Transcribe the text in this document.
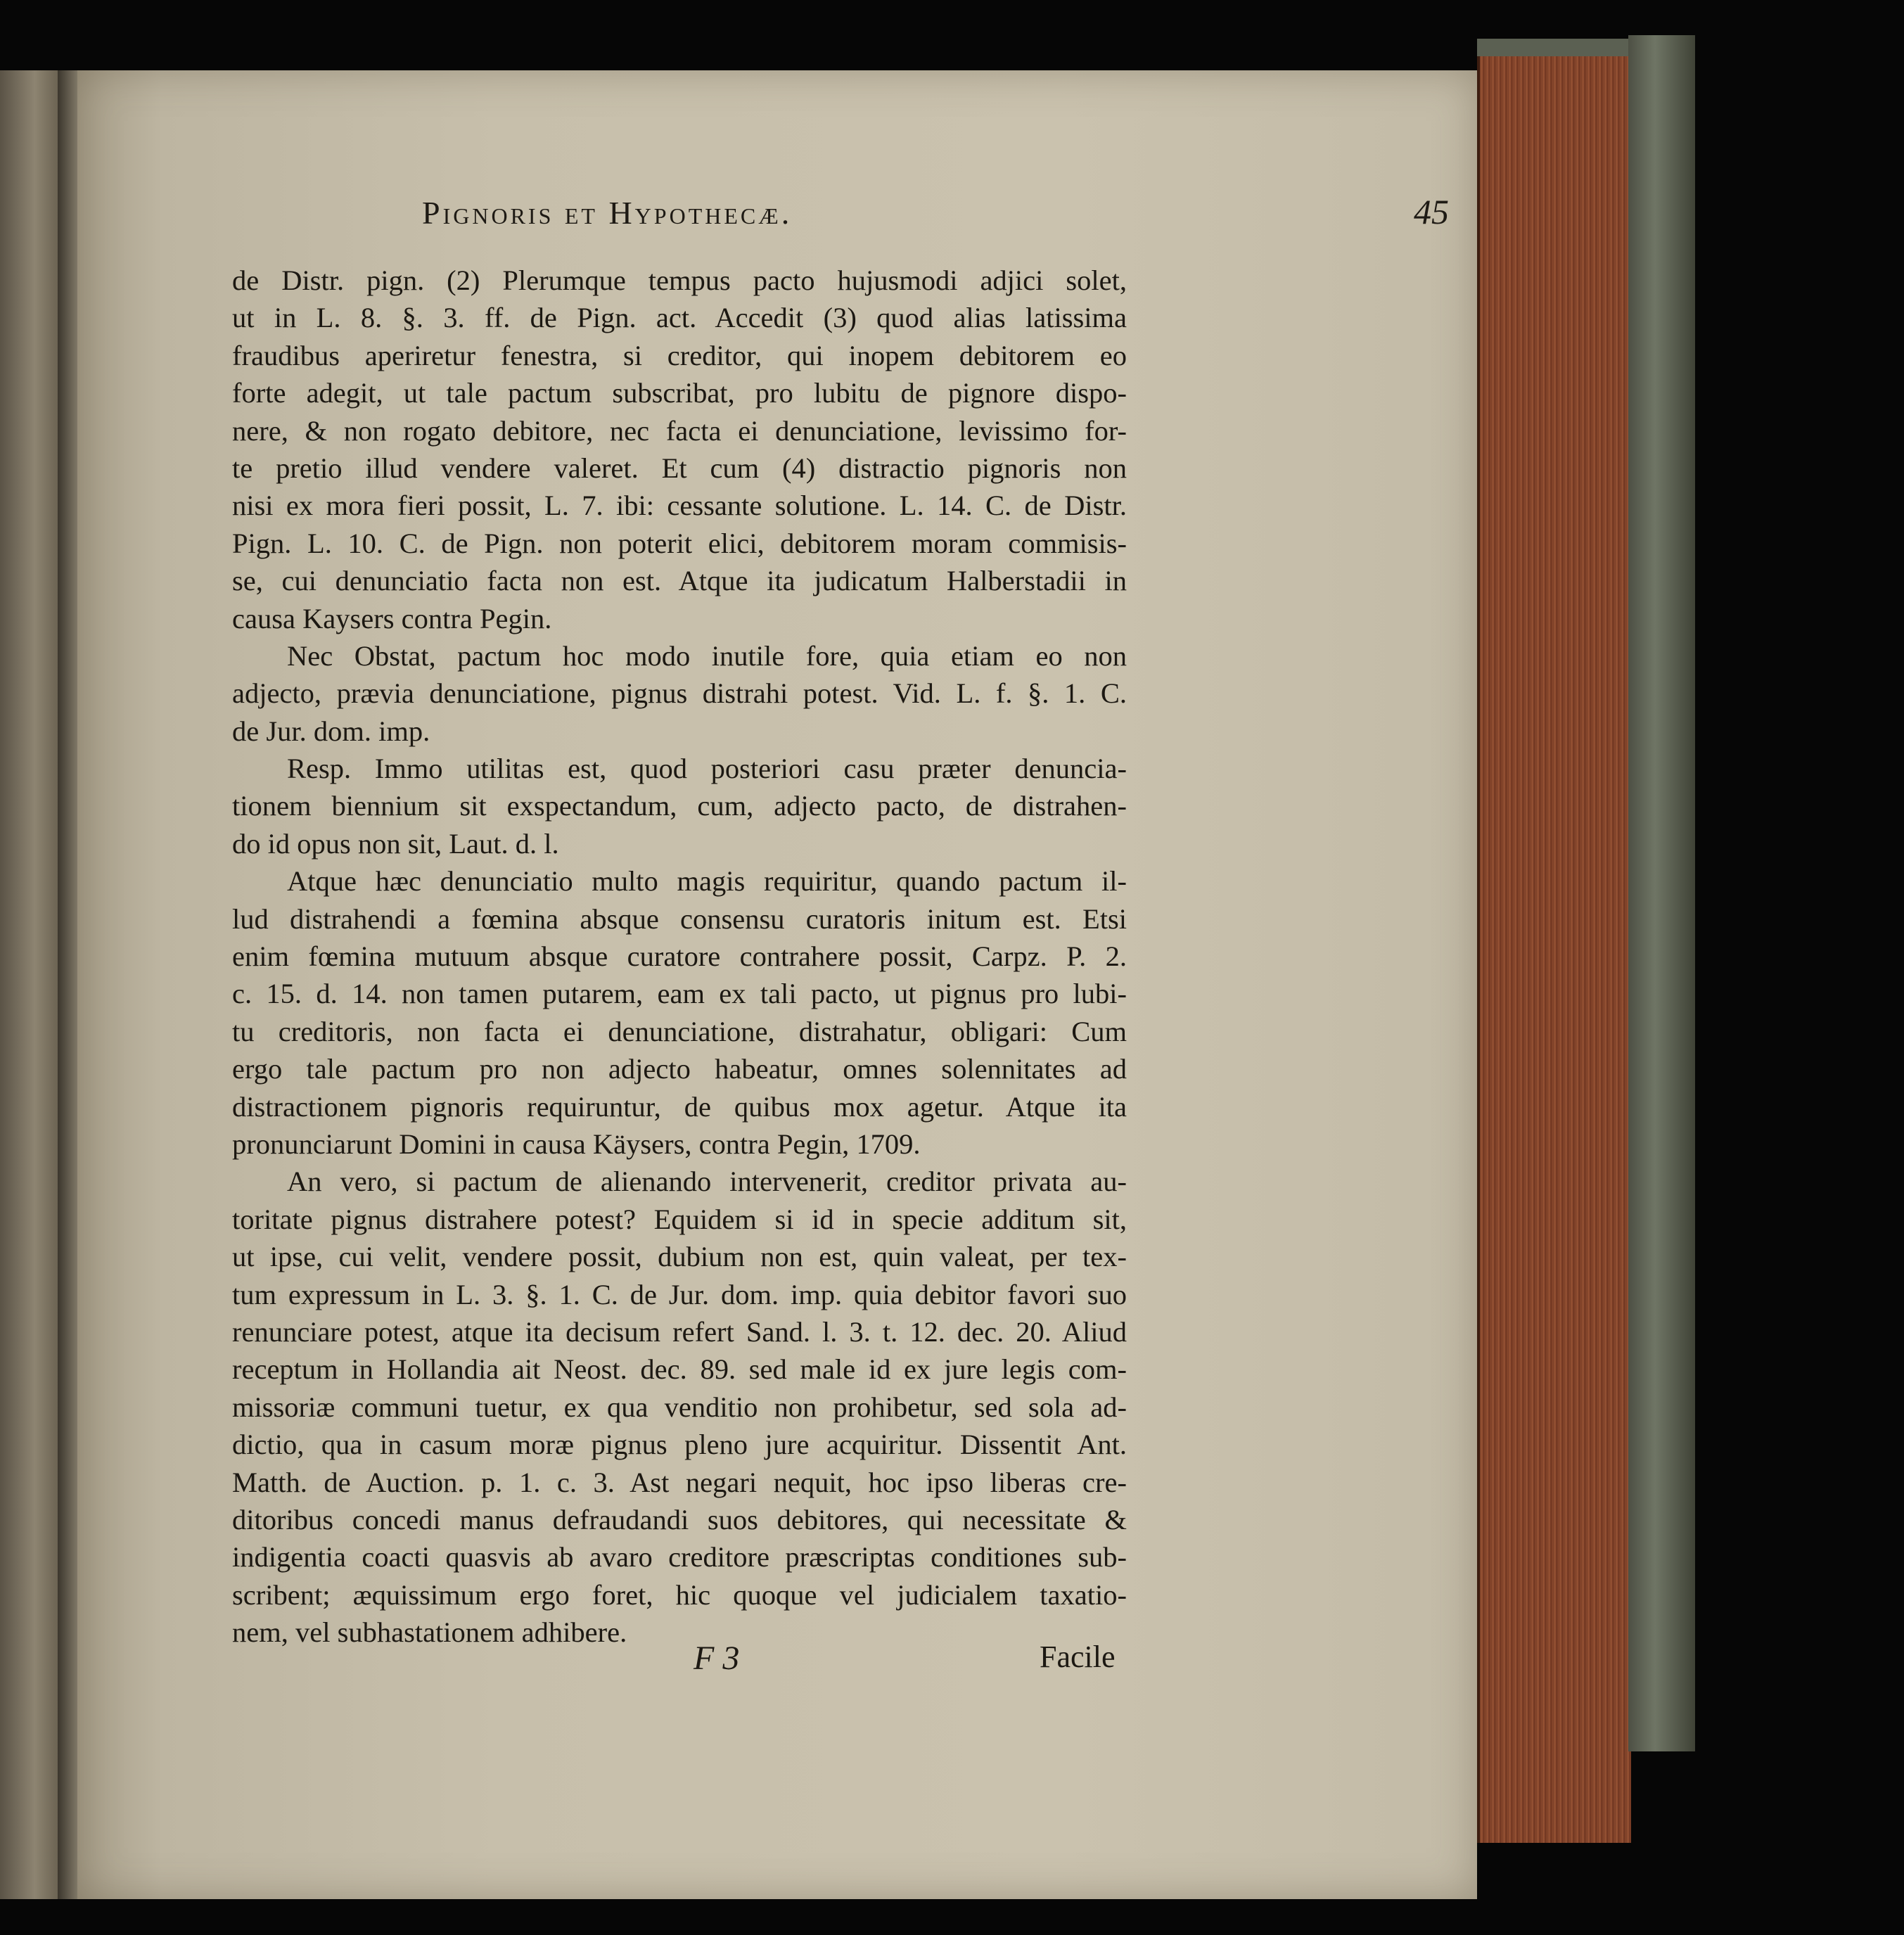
Pignoris et Hypothecæ.	45
de Distr. pign. (2) Plerumque tempus pacto hujusmodi adjici solet,
ut in L. 8. §. 3. ff. de Pign. act. Accedit (3) quod alias latissima
fraudibus aperiretur fenestra, si creditor, qui inopem debitorem eo
forte adegit, ut tale pactum subscribat, pro lubitu de pignore dispo-
nere, & non rogato debitore, nec facta ei denunciatione, levissimo for-
te pretio illud vendere valeret. Et cum (4) distractio pignoris non
nisi ex mora fieri possit, L. 7. ibi: cessante solutione. L. 14. C. de Distr.
Pign. L. 10. C. de Pign. non poterit elici, debitorem moram commisis-
se, cui denunciatio facta non est. Atque ita judicatum Halberstadii in
causa Kaysers contra Pegin.
Nec Obstat, pactum hoc modo inutile fore, quia etiam eo non
adjecto, prævia denunciatione, pignus distrahi potest. Vid. L. f. §. 1. C.
de Jur. dom. imp.
Resp. Immo utilitas est, quod posteriori casu præter denuncia-
tionem biennium sit exspectandum, cum, adjecto pacto, de distrahen-
do id opus non sit, Laut. d. l.
Atque hæc denunciatio multo magis requiritur, quando pactum il-
lud distrahendi a fœmina absque consensu curatoris initum est. Etsi
enim fœmina mutuum absque curatore contrahere possit, Carpz. P. 2.
c. 15. d. 14. non tamen putarem, eam ex tali pacto, ut pignus pro lubi-
tu creditoris, non facta ei denunciatione, distrahatur, obligari: Cum
ergo tale pactum pro non adjecto habeatur, omnes solennitates ad
distractionem pignoris requiruntur, de quibus mox agetur. Atque ita
pronunciarunt Domini in causa Käysers, contra Pegin, 1709.
An vero, si pactum de alienando intervenerit, creditor privata au-
toritate pignus distrahere potest? Equidem si id in specie additum sit,
ut ipse, cui velit, vendere possit, dubium non est, quin valeat, per tex-
tum expressum in L. 3. §. 1. C. de Jur. dom. imp. quia debitor favori suo
renunciare potest, atque ita decisum refert Sand. l. 3. t. 12. dec. 20. Aliud
receptum in Hollandia ait Neost. dec. 89. sed male id ex jure legis com-
missoriæ communi tuetur, ex qua venditio non prohibetur, sed sola ad-
dictio, qua in casum moræ pignus pleno jure acquiritur. Dissentit Ant.
Matth. de Auction. p. 1. c. 3. Ast negari nequit, hoc ipso liberas cre-
ditoribus concedi manus defraudandi suos debitores, qui necessitate &
indigentia coacti quasvis ab avaro creditore præscriptas conditiones sub-
scribent; æquissimum ergo foret, hic quoque vel judicialem taxatio-
nem, vel subhastationem adhibere.
F 3	Facile
